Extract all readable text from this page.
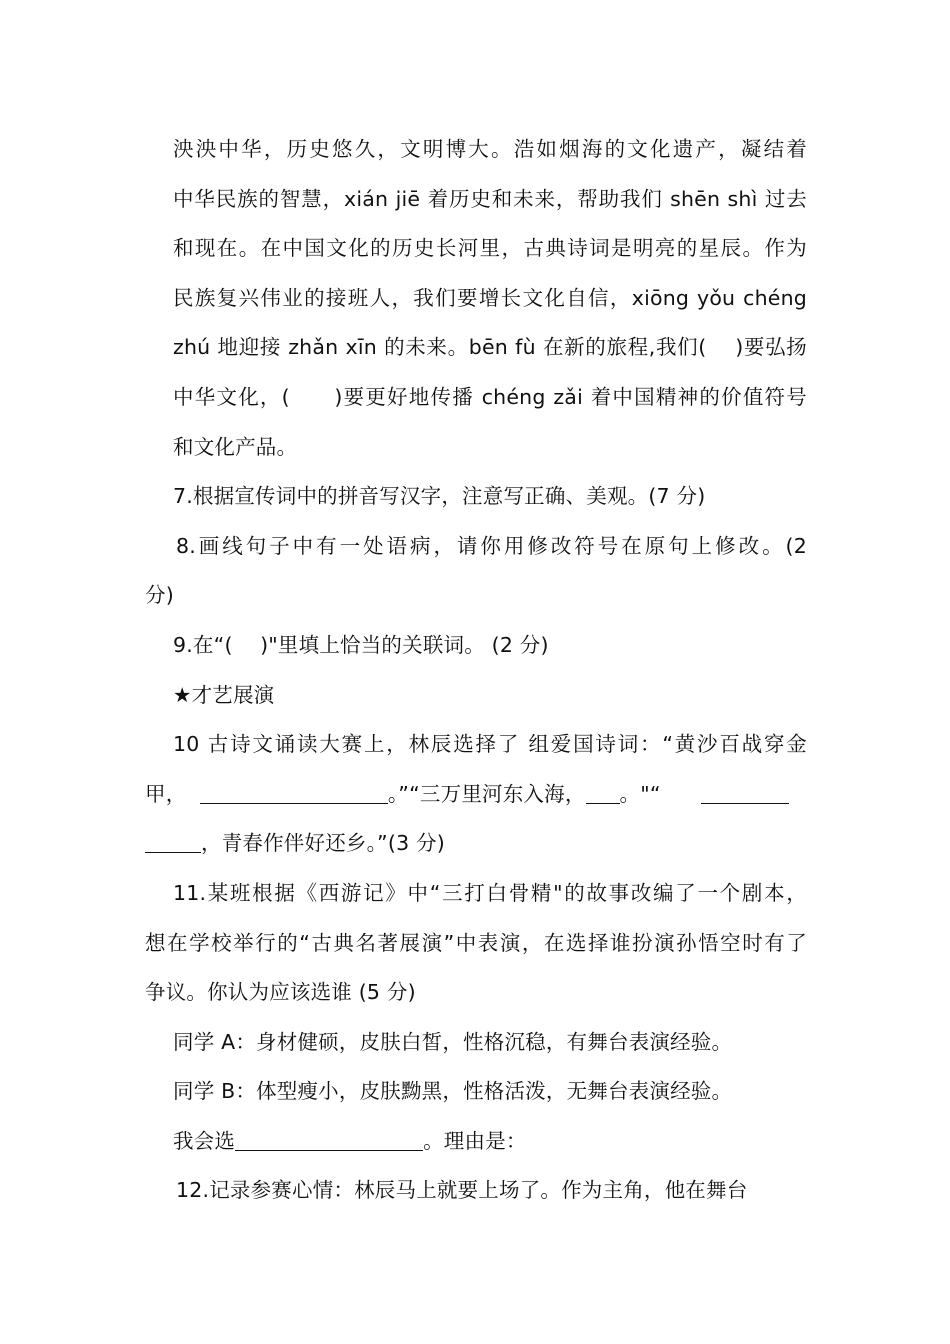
泱泱中华，历史悠久，文明博大。浩如烟海的文化遗产，凝结着
中华民族的智慧，xián jiē 着历史和未来，帮助我们 shēn shì 过去
和现在。在中国文化的历史长河里，古典诗词是明亮的星辰。作为
民族复兴伟业的接班人，我们要增长文化自信，xiōng yǒu chéng
zhú 地迎接 zhǎn xīn 的未来。bēn fù 在新的旅程,我们(　 )要弘扬
中华文化，(　　)要更好地传播 chéng zǎi 着中国精神的价值符号
和文化产品。

7.根据宣传词中的拼音写汉字，注意写正确、美观。(7 分)

8.画线句子中有一处语病，请你用修改符号在原句上修改。(2
分)

9.在“(　 )"里填上恰当的关联词。 (2 分)

★才艺展演

10 古诗文诵读大赛上，林辰选择了 组爱国诗词：“黄沙百战穿金
甲，	。”“三万里河东入海， 。"“
，青春作伴好还乡。”(3 分)

11.某班根据《西游记》中“三打白骨精"的故事改编了一个剧本，
想在学校举行的“古典名著展演”中表演，在选择谁扮演孙悟空时有了
争议。你认为应该选谁 (5 分)

同学 A：身材健硕，皮肤白皙，性格沉稳，有舞台表演经验。

同学 B：体型瘦小，皮肤黝黑，性格活泼，无舞台表演经验。

我会选	。理由是：

12.记录参赛心情：林辰马上就要上场了。作为主角，他在舞台
